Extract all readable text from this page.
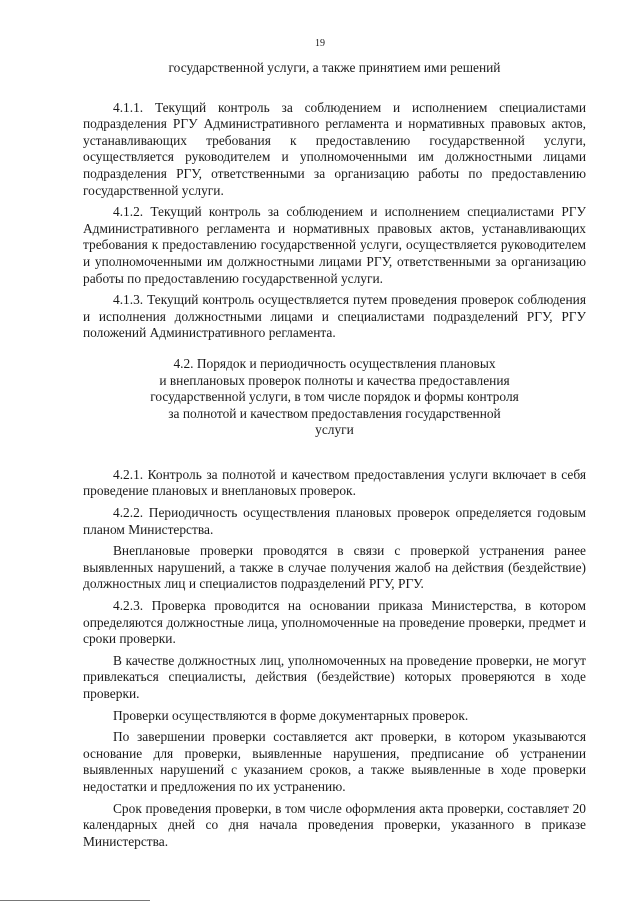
19

государственной услуги, а также принятием ими решений

4.1.1. Текущий контроль за соблюдением и исполнением специалистами подразделения РГУ Административного регламента и нормативных правовых актов, устанавливающих требования к предоставлению государственной услуги, осуществляется руководителем и уполномоченными им должностными лицами подразделения РГУ, ответственными за организацию работы по предоставлению государственной услуги.

4.1.2. Текущий контроль за соблюдением и исполнением специалистами РГУ Административного регламента и нормативных правовых актов, устанавливающих требования к предоставлению государственной услуги, осуществляется руководителем и уполномоченными им должностными лицами РГУ, ответственными за организацию работы по предоставлению государственной услуги.

4.1.3. Текущий контроль осуществляется путем проведения проверок соблюдения и исполнения должностными лицами и специалистами подразделений РГУ, РГУ положений Административного регламента.

4.2. Порядок и периодичность осуществления плановых
и внеплановых проверок полноты и качества предоставления
государственной услуги, в том числе порядок и формы контроля
за полнотой и качеством предоставления государственной
услуги

4.2.1. Контроль за полнотой и качеством предоставления услуги включает в себя проведение плановых и внеплановых проверок.

4.2.2. Периодичность осуществления плановых проверок определяется годовым планом Министерства.

Внеплановые проверки проводятся в связи с проверкой устранения ранее выявленных нарушений, а также в случае получения жалоб на действия (бездействие) должностных лиц и специалистов подразделений РГУ, РГУ.

4.2.3. Проверка проводится на основании приказа Министерства, в котором определяются должностные лица, уполномоченные на проведение проверки, предмет и сроки проверки.

В качестве должностных лиц, уполномоченных на проведение проверки, не могут привлекаться специалисты, действия (бездействие) которых проверяются в ходе проверки.

Проверки осуществляются в форме документарных проверок.

По завершении проверки составляется акт проверки, в котором указываются основание для проверки, выявленные нарушения, предписание об устранении выявленных нарушений с указанием сроков, а также выявленные в ходе проверки недостатки и предложения по их устранению.

Срок проведения проверки, в том числе оформления акта проверки, составляет 20 календарных дней со дня начала проведения проверки, указанного в приказе Министерства.
